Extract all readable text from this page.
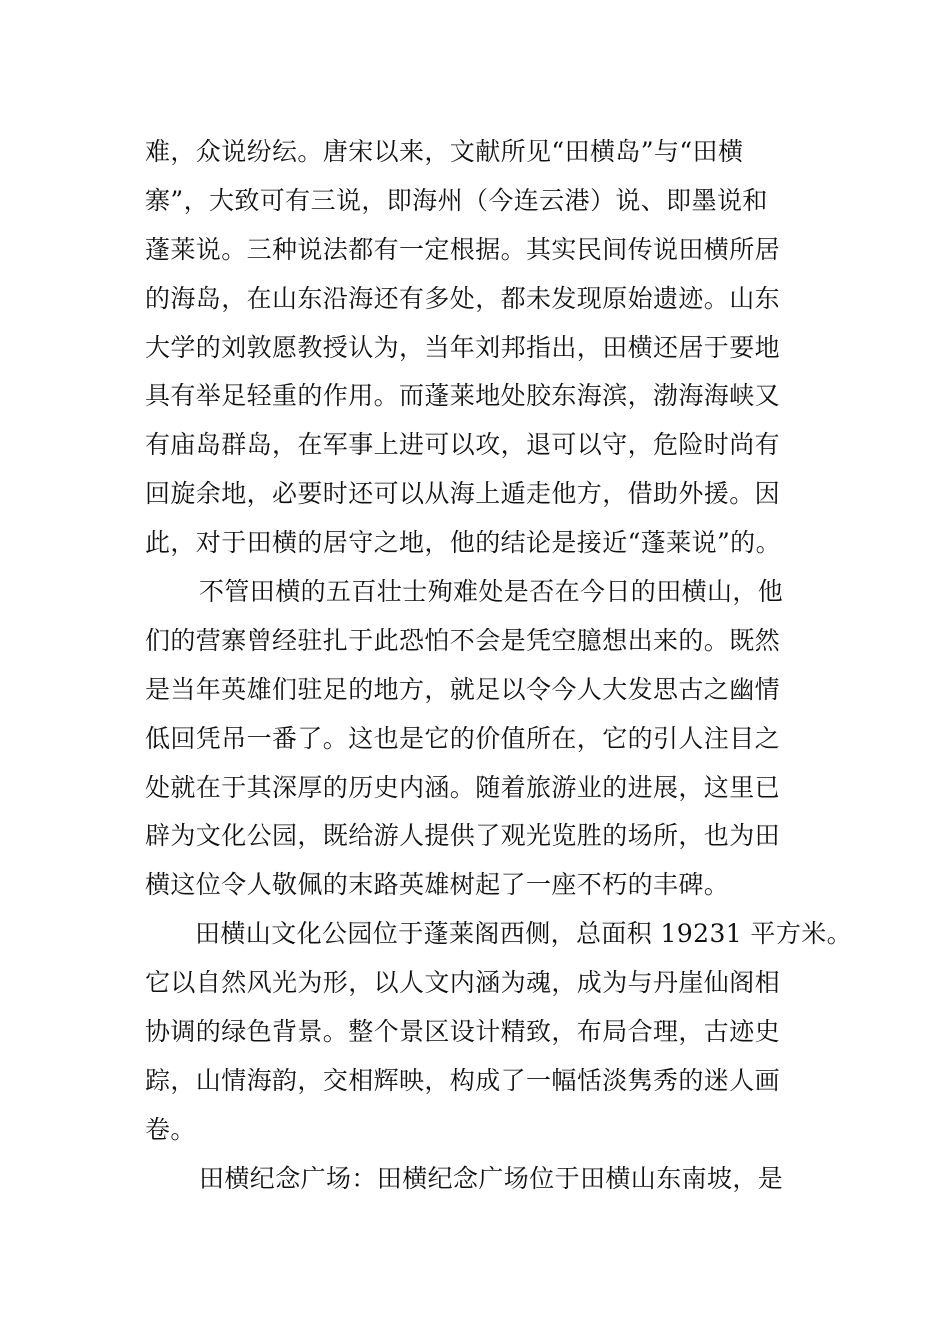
难，众说纷纭。唐宋以来，文献所见“田横岛”与“田横
寨”，大致可有三说，即海州（今连云港）说、即墨说和
蓬莱说。三种说法都有一定根据。其实民间传说田横所居
的海岛，在山东沿海还有多处，都未发现原始遗迹。山东
大学的刘敦愿教授认为，当年刘邦指出，田横还居于要地
具有举足轻重的作用。而蓬莱地处胶东海滨，渤海海峡又
有庙岛群岛，在军事上进可以攻，退可以守，危险时尚有
回旋余地，必要时还可以从海上遁走他方，借助外援。因
此，对于田横的居守之地，他的结论是接近“蓬莱说”的。
不管田横的五百壮士殉难处是否在今日的田横山，他
们的营寨曾经驻扎于此恐怕不会是凭空臆想出来的。既然
是当年英雄们驻足的地方，就足以令今人大发思古之幽情
低回凭吊一番了。这也是它的价值所在，它的引人注目之
处就在于其深厚的历史内涵。随着旅游业的进展，这里已
辟为文化公园，既给游人提供了观光览胜的场所，也为田
横这位令人敬佩的末路英雄树起了一座不朽的丰碑。
田横山文化公园位于蓬莱阁西侧，总面积 19231 平方米。
它以自然风光为形，以人文内涵为魂，成为与丹崖仙阁相
协调的绿色背景。整个景区设计精致，布局合理，古迹史
踪，山情海韵，交相辉映，构成了一幅恬淡隽秀的迷人画
卷。
田横纪念广场：田横纪念广场位于田横山东南坡，是
